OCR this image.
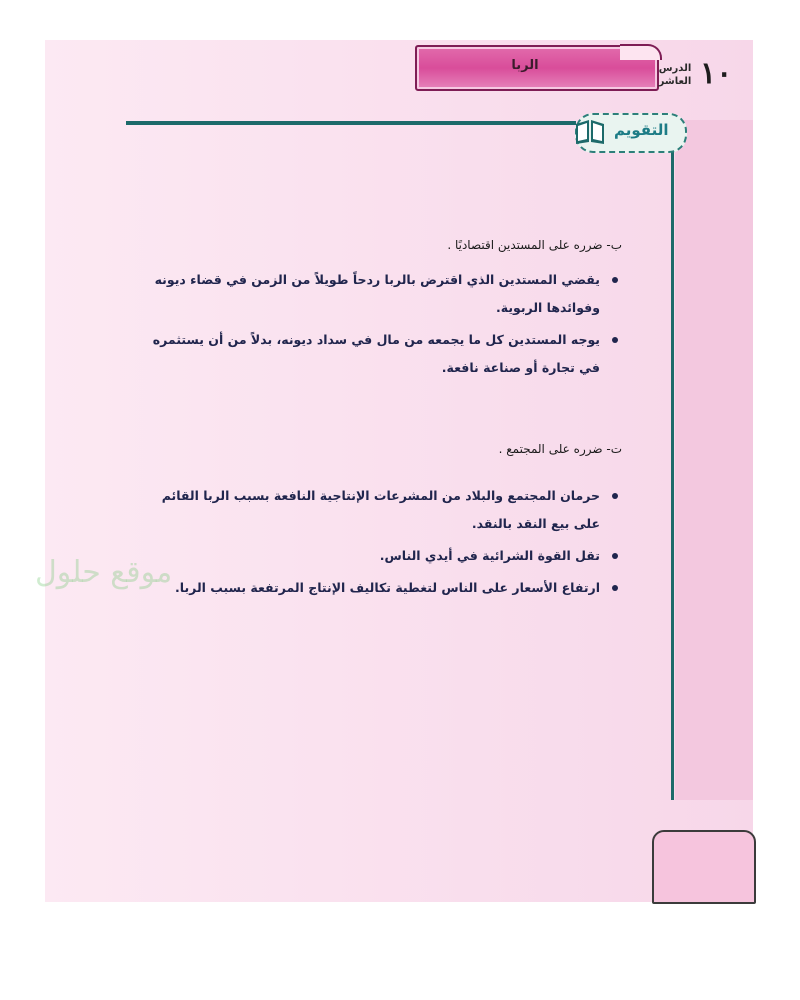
الربا	١٠
الدرس
العاشر
التقويم
ب- ضرره على المستدين اقتصاديًا .
يقضي المستدين الذي اقترض بالربا ردحاً طويلاً من الزمن في قضاء ديونه وفوائدها الربوية.
يوجه المستدين كل ما يجمعه من مال في سداد ديونه، بدلاً من أن يستثمره في تجارة أو صناعة نافعة.
ت- ضرره على المجتمع .
حرمان المجتمع والبلاد من المشرعات الإنتاجية النافعة بسبب الربا القائم على بيع النقد بالنقد.
تقل القوة الشرائية في أيدي الناس.
ارتفاع الأسعار على الناس لتغطية تكاليف الإنتاج المرتفعة بسبب الربا.
موقع حلول
